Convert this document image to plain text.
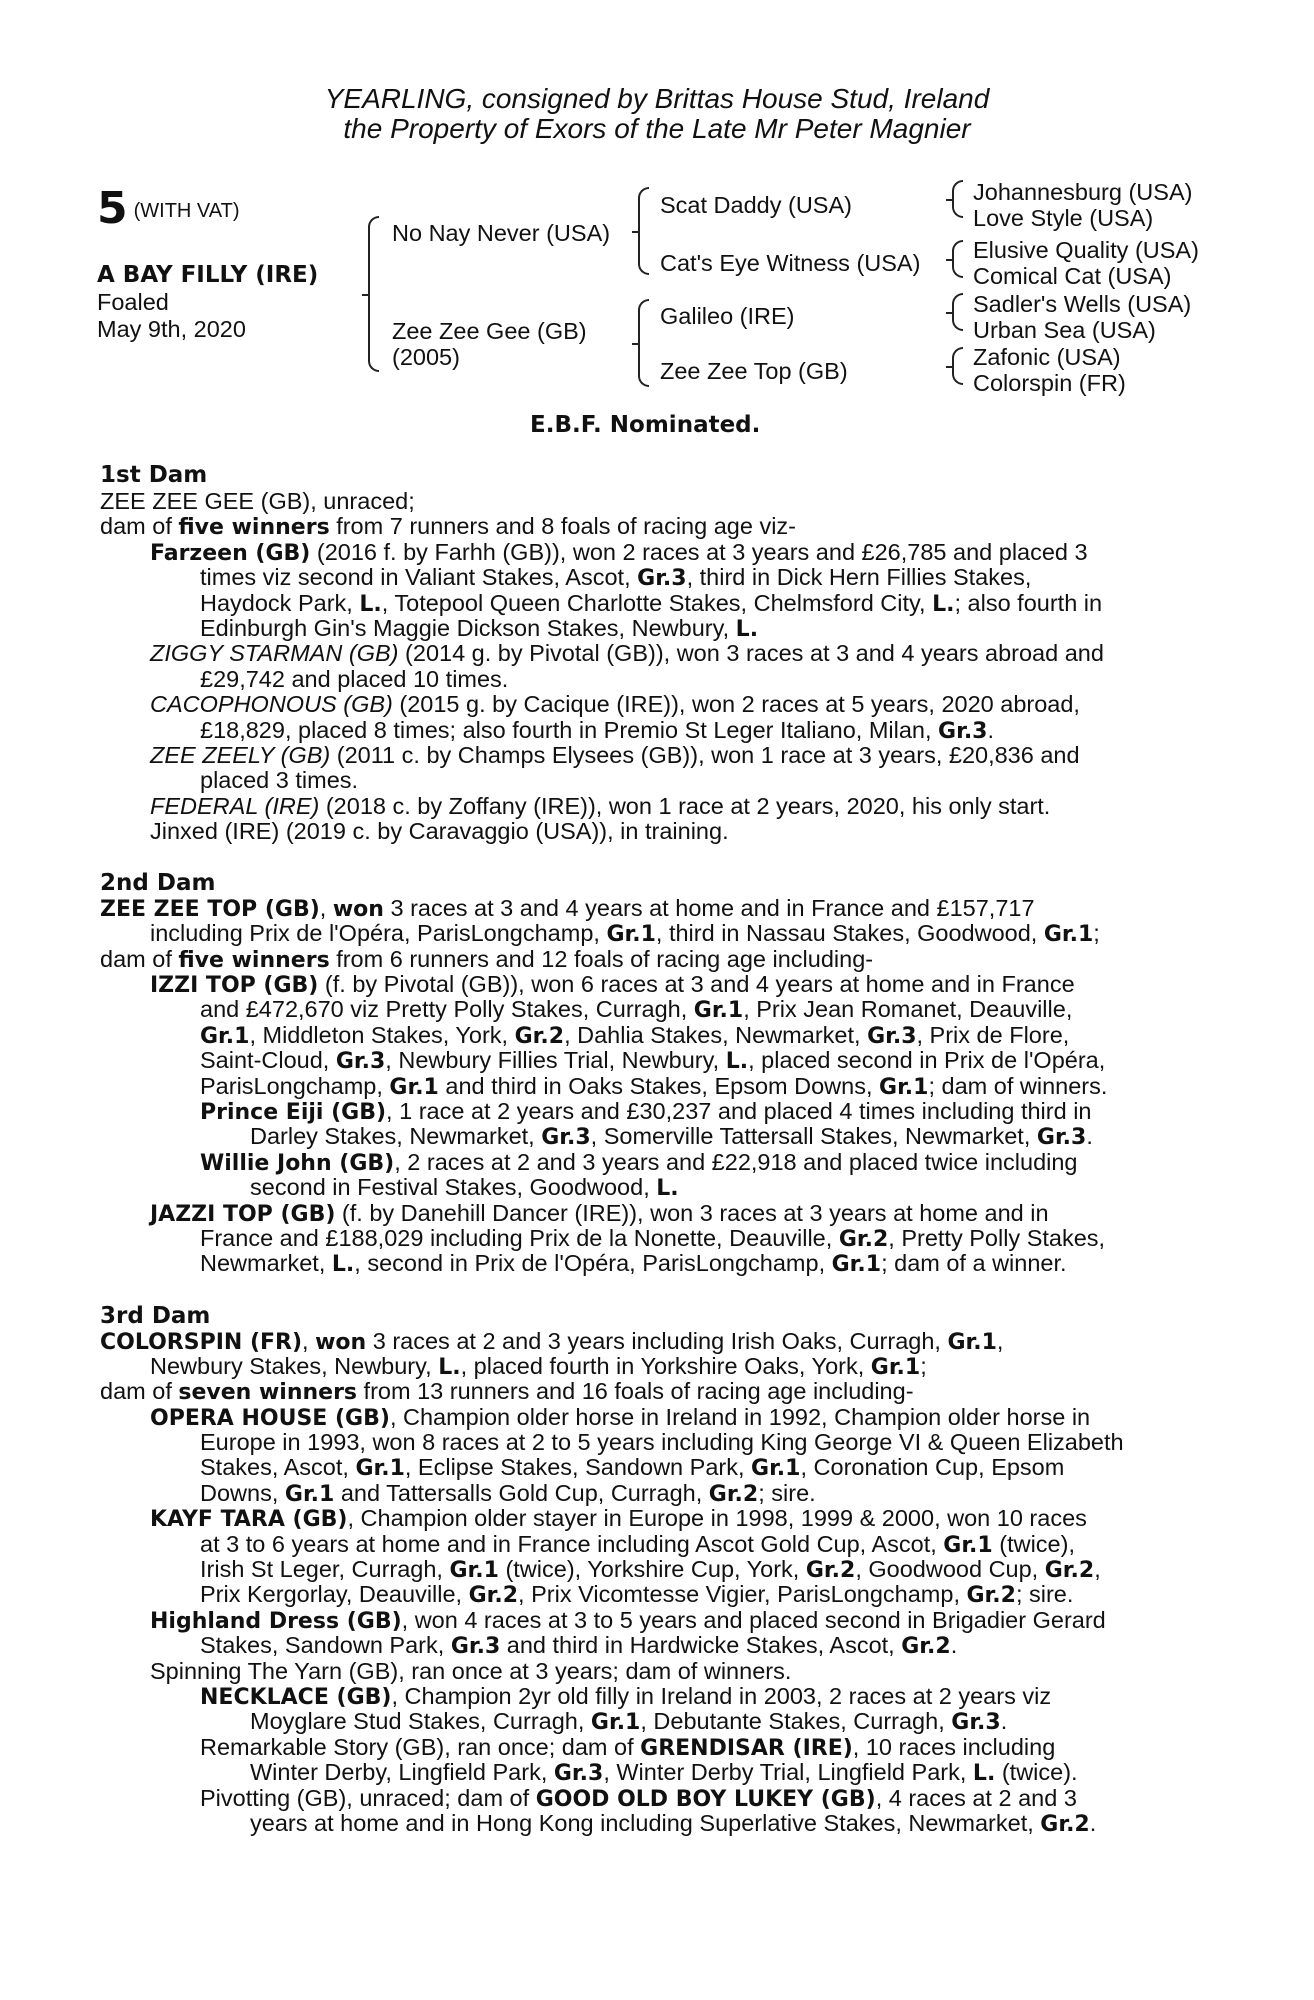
YEARLING, consigned by Brittas House Stud, Ireland
the Property of Exors of the Late Mr Peter Magnier
5 (WITH VAT)
A BAY FILLY (IRE)
Foaled
May 9th, 2020
No Nay Never (USA)
Zee Zee Gee (GB)
(2005)
Scat Daddy (USA)
Cat's Eye Witness (USA)
Galileo (IRE)
Zee Zee Top (GB)
Johannesburg (USA)
Love Style (USA)
Elusive Quality (USA)
Comical Cat (USA)
Sadler's Wells (USA)
Urban Sea (USA)
Zafonic (USA)
Colorspin (FR)
E.B.F. Nominated.
1st Dam
2nd Dam
3rd Dam
ZEE ZEE GEE (GB), unraced;
dam of five winners from 7 runners and 8 foals of racing age viz-
Farzeen (GB) (2016 f. by Farhh (GB)), won 2 races at 3 years and £26,785 and placed 3
times viz second in Valiant Stakes, Ascot, Gr.3, third in Dick Hern Fillies Stakes,
Haydock Park, L., Totepool Queen Charlotte Stakes, Chelmsford City, L.; also fourth in
Edinburgh Gin's Maggie Dickson Stakes, Newbury, L.
ZIGGY STARMAN (GB) (2014 g. by Pivotal (GB)), won 3 races at 3 and 4 years abroad and
£29,742 and placed 10 times.
CACOPHONOUS (GB) (2015 g. by Cacique (IRE)), won 2 races at 5 years, 2020 abroad,
£18,829, placed 8 times; also fourth in Premio St Leger Italiano, Milan, Gr.3.
ZEE ZEELY (GB) (2011 c. by Champs Elysees (GB)), won 1 race at 3 years, £20,836 and
placed 3 times.
FEDERAL (IRE) (2018 c. by Zoffany (IRE)), won 1 race at 2 years, 2020, his only start.
Jinxed (IRE) (2019 c. by Caravaggio (USA)), in training.
ZEE ZEE TOP (GB), won 3 races at 3 and 4 years at home and in France and £157,717
including Prix de l'Opéra, ParisLongchamp, Gr.1, third in Nassau Stakes, Goodwood, Gr.1;
dam of five winners from 6 runners and 12 foals of racing age including-
IZZI TOP (GB) (f. by Pivotal (GB)), won 6 races at 3 and 4 years at home and in France
and £472,670 viz Pretty Polly Stakes, Curragh, Gr.1, Prix Jean Romanet, Deauville,
Gr.1, Middleton Stakes, York, Gr.2, Dahlia Stakes, Newmarket, Gr.3, Prix de Flore,
Saint-Cloud, Gr.3, Newbury Fillies Trial, Newbury, L., placed second in Prix de l'Opéra,
ParisLongchamp, Gr.1 and third in Oaks Stakes, Epsom Downs, Gr.1; dam of winners.
Prince Eiji (GB), 1 race at 2 years and £30,237 and placed 4 times including third in
Darley Stakes, Newmarket, Gr.3, Somerville Tattersall Stakes, Newmarket, Gr.3.
Willie John (GB), 2 races at 2 and 3 years and £22,918 and placed twice including
second in Festival Stakes, Goodwood, L.
JAZZI TOP (GB) (f. by Danehill Dancer (IRE)), won 3 races at 3 years at home and in
France and £188,029 including Prix de la Nonette, Deauville, Gr.2, Pretty Polly Stakes,
Newmarket, L., second in Prix de l'Opéra, ParisLongchamp, Gr.1; dam of a winner.
COLORSPIN (FR), won 3 races at 2 and 3 years including Irish Oaks, Curragh, Gr.1,
Newbury Stakes, Newbury, L., placed fourth in Yorkshire Oaks, York, Gr.1;
dam of seven winners from 13 runners and 16 foals of racing age including-
OPERA HOUSE (GB), Champion older horse in Ireland in 1992, Champion older horse in
Europe in 1993, won 8 races at 2 to 5 years including King George VI & Queen Elizabeth
Stakes, Ascot, Gr.1, Eclipse Stakes, Sandown Park, Gr.1, Coronation Cup, Epsom
Downs, Gr.1 and Tattersalls Gold Cup, Curragh, Gr.2; sire.
KAYF TARA (GB), Champion older stayer in Europe in 1998, 1999 & 2000, won 10 races
at 3 to 6 years at home and in France including Ascot Gold Cup, Ascot, Gr.1 (twice),
Irish St Leger, Curragh, Gr.1 (twice), Yorkshire Cup, York, Gr.2, Goodwood Cup, Gr.2,
Prix Kergorlay, Deauville, Gr.2, Prix Vicomtesse Vigier, ParisLongchamp, Gr.2; sire.
Highland Dress (GB), won 4 races at 3 to 5 years and placed second in Brigadier Gerard
Stakes, Sandown Park, Gr.3 and third in Hardwicke Stakes, Ascot, Gr.2.
Spinning The Yarn (GB), ran once at 3 years; dam of winners.
NECKLACE (GB), Champion 2yr old filly in Ireland in 2003, 2 races at 2 years viz
Moyglare Stud Stakes, Curragh, Gr.1, Debutante Stakes, Curragh, Gr.3.
Remarkable Story (GB), ran once; dam of GRENDISAR (IRE), 10 races including
Winter Derby, Lingfield Park, Gr.3, Winter Derby Trial, Lingfield Park, L. (twice).
Pivotting (GB), unraced; dam of GOOD OLD BOY LUKEY (GB), 4 races at 2 and 3
years at home and in Hong Kong including Superlative Stakes, Newmarket, Gr.2.
